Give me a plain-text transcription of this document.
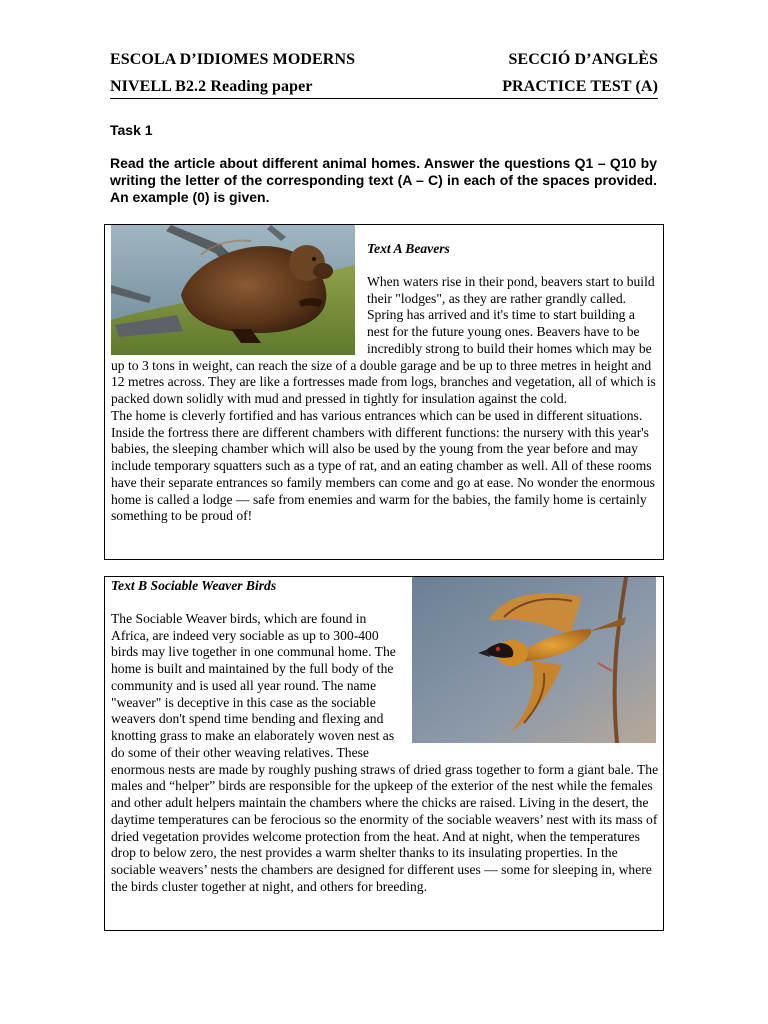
ESCOLA D’IDIOMES MODERNS	SECCIÓ D’ANGLÈS
NIVELL B2.2 Reading paper	PRACTICE TEST (A)
Task 1
Read the article about different animal homes. Answer the questions Q1 – Q10 by writing the letter of the corresponding text (A – C) in each of the spaces provided. An example (0) is given.
Text A Beavers

When waters rise in their pond, beavers start to build their "lodges", as they are rather grandly called. Spring has arrived and it's time to start building a nest for the future young ones. Beavers have to be incredibly strong to build their homes which may be up to 3 tons in weight, can reach the size of a double garage and be up to three metres in height and 12 metres across. They are like a fortresses made from logs, branches and vegetation, all of which is packed down solidly with mud and pressed in tightly for insulation against the cold.

The home is cleverly fortified and has various entrances which can be used in different situations. Inside the fortress there are different chambers with different functions: the nursery with this year's babies, the sleeping chamber which will also be used by the young from the year before and may include temporary squatters such as a type of rat, and an eating chamber as well. All of these rooms have their separate entrances so family members can come and go at ease. No wonder the enormous home is called a lodge — safe from enemies and warm for the babies, the family home is certainly something to be proud of!

Text B Sociable Weaver Birds

The Sociable Weaver birds, which are found in Africa, are indeed very sociable as up to 300-400 birds may live together in one communal home. The home is built and maintained by the full body of the community and is used all year round. The name "weaver" is deceptive in this case as the sociable weavers don't spend time bending and flexing and knotting grass to make an elaborately woven nest as do some of their other weaving relatives. These enormous nests are made by roughly pushing straws of dried grass together to form a giant bale. The males and “helper” birds are responsible for the upkeep of the exterior of the nest while the females and other adult helpers maintain the chambers where the chicks are raised. Living in the desert, the daytime temperatures can be ferocious so the enormity of the sociable weavers’ nest with its mass of dried vegetation provides welcome protection from the heat. And at night, when the temperatures drop to below zero, the nest provides a warm shelter thanks to its insulating properties. In the sociable weavers’ nests the chambers are designed for different uses — some for sleeping in, where the birds cluster together at night, and others for breeding.
